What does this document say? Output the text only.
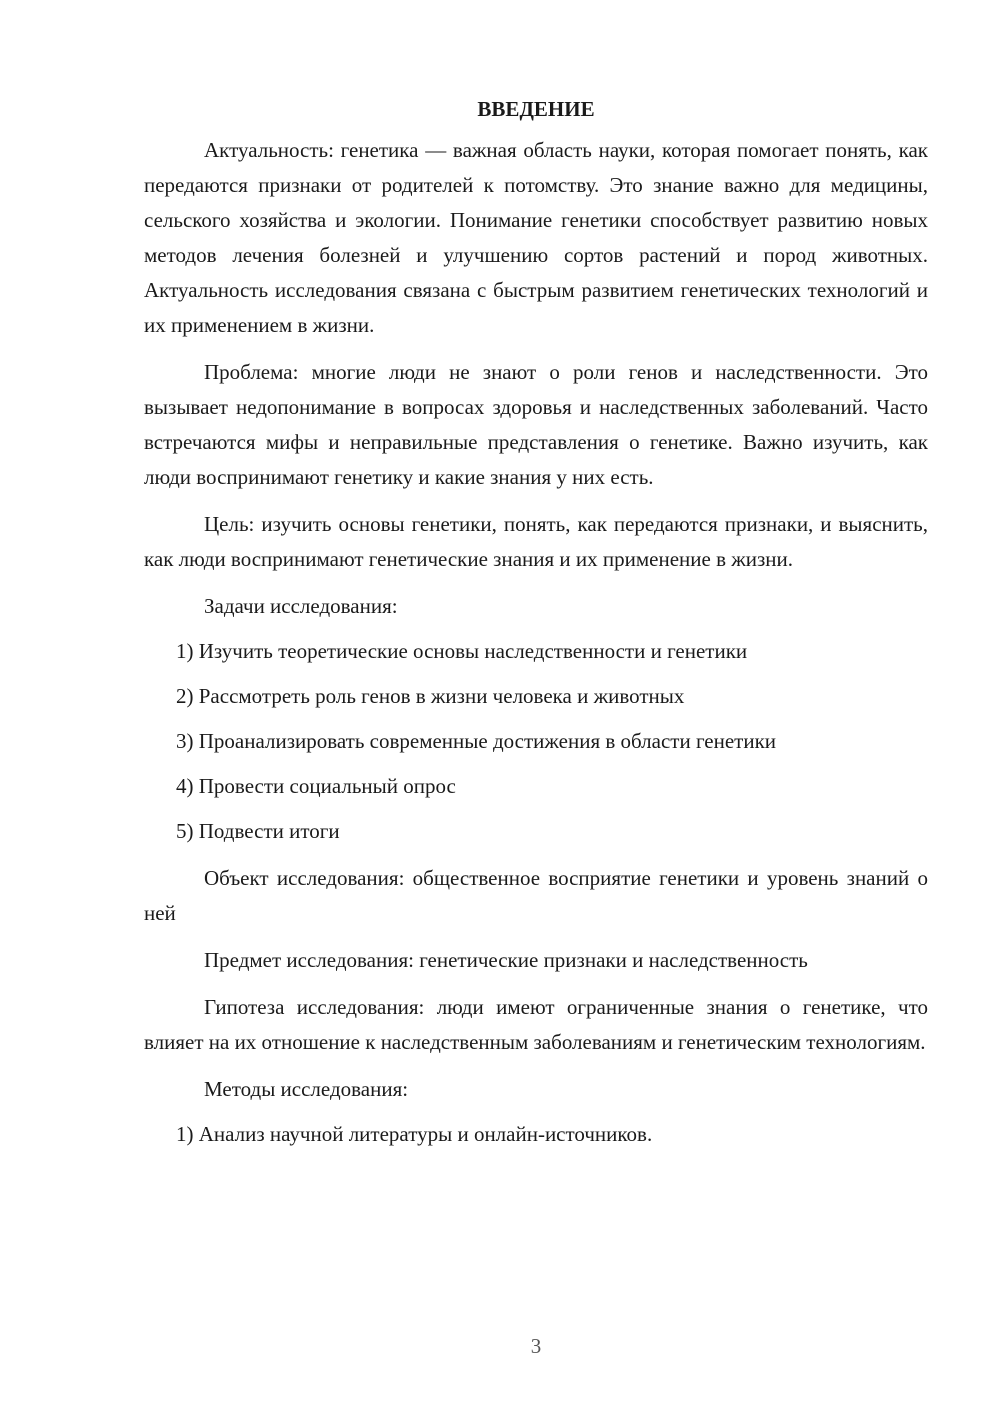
ВВЕДЕНИЕ

Актуальность: генетика — важная область науки, которая помогает понять, как передаются признаки от родителей к потомству. Это знание важно для медицины, сельского хозяйства и экологии. Понимание генетики способствует развитию новых методов лечения болезней и улучшению сортов растений и пород животных. Актуальность исследования связана с быстрым развитием генетических технологий и их применением в жизни.

Проблема: многие люди не знают о роли генов и наследственности. Это вызывает недопонимание в вопросах здоровья и наследственных заболеваний. Часто встречаются мифы и неправильные представления о генетике. Важно изучить, как люди воспринимают генетику и какие знания у них есть.

Цель: изучить основы генетики, понять, как передаются признаки, и выяснить, как люди воспринимают генетические знания и их применение в жизни.

Задачи исследования:

1) Изучить теоретические основы наследственности и генетики

2) Рассмотреть роль генов в жизни человека и животных

3) Проанализировать современные достижения в области генетики

4) Провести социальный опрос

5) Подвести итоги

Объект исследования: общественное восприятие генетики и уровень знаний о ней

Предмет исследования: генетические признаки и наследственность

Гипотеза исследования: люди имеют ограниченные знания о генетике, что влияет на их отношение к наследственным заболеваниям и генетическим технологиям.

Методы исследования:

1) Анализ научной литературы и онлайн-источников.

3
